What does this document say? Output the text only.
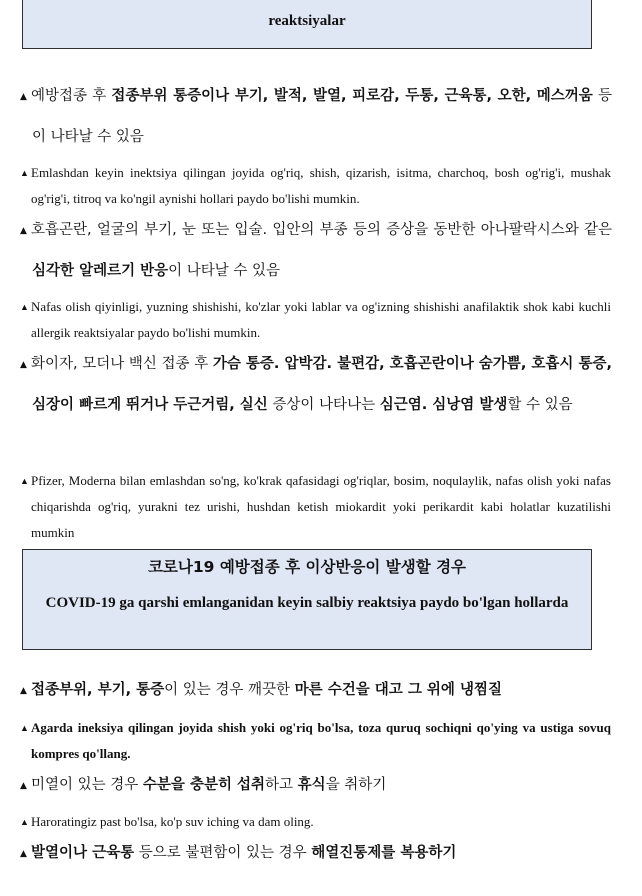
reaktsiyalar
▲ 예방접종 후 접종부위 통증이나 부기, 발적, 발열, 피로감, 두통, 근육통, 오한, 메스꺼움 등이 나타날 수 있음
▲ Emlashdan keyin inektsiya qilingan joyida og'riq, shish, qizarish, isitma, charchoq, bosh og'rig'i, mushak og'rig'i, titroq va ko'ngil aynishi hollari paydo bo'lishi mumkin.
▲ 호흡곤란, 얼굴의 부기, 눈 또는 입술. 입안의 부종 등의 증상을 동반한 아나팔락시스와 같은 심각한 알레르기 반응이 나타날 수 있음
▲ Nafas olish qiyinligi, yuzning shishishi, ko'zlar yoki lablar va og'izning shishishi anafilaktik shok kabi kuchli allergik reaktsiyalar paydo bo'lishi mumkin.
▲ 화이자, 모더나 백신 접종 후 가슴 통증. 압박감. 불편감, 호흡곤란이나 숨가쁨, 호흡시 통증, 심장이 빠르게 뛰거나 두근거림, 실신 증상이 나타나는 심근염. 심낭염 발생할 수 있음
▲ Pfizer, Moderna bilan emlashdan so'ng, ko'krak qafasidagi og'riqlar, bosim, noqulaylik, nafas olish yoki nafas chiqarishda og'riq, yurakni tez urishi, hushdan ketish miokardit yoki perikardit kabi holatlar kuzatilishi mumkin
코로나19 예방접종 후 이상반응이 발생할 경우
COVID-19 ga qarshi emlanganidan keyin salbiy reaktsiya paydo bo'lgan hollarda
▲ 접종부위, 부기, 통증이 있는 경우 깨끗한 마른 수건을 대고 그 위에 냉찜질
▲ Agarda ineksiya qilingan joyida shish yoki og'riq bo'lsa, toza quruq sochiqni qo'ying va ustiga sovuq kompres qo'llang.
▲ 미열이 있는 경우 수분을 충분히 섭취하고 휴식을 취하기
▲ Haroratingiz past bo'lsa, ko'p suv iching va dam oling.
▲ 발열이나 근육통 등으로 불편함이 있는 경우 해열진통제를 복용하기
